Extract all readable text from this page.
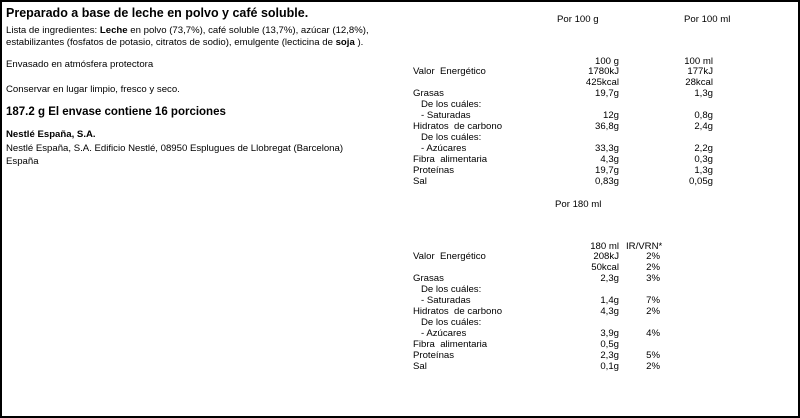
Preparado a base de leche en polvo y café soluble.
Lista de ingredientes: Leche en polvo (73,7%), café soluble (13,7%), azúcar (12,8%),
estabilizantes (fosfatos de potasio, citratos de sodio), emulgente (lecticina de soja ).
Envasado en atmósfera protectora
Conservar en lugar limpio, fresco y seco.
187.2 g El envase contiene 16 porciones
Nestlé España, S.A.
Nestlé España, S.A. Edificio Nestlé, 08950 Esplugues de Llobregat (Barcelona)
España
Por 100 g	Por 100 ml
100 g	100 ml
Valor  Energético	1780kJ	177kJ
425kcal	28kcal
Grasas	19,7g	1,3g
De los cuáles:
- Saturadas	12g	0,8g
Hidratos  de carbono	36,8g	2,4g
De los cuáles:
- Azúcares	33,3g	2,2g
Fibra  alimentaria	4,3g	0,3g
Proteínas	19,7g	1,3g
Sal	0,83g	0,05g
Por 180 ml
180 ml IR/VRN*
Valor  Energético	208kJ	2%
50kcal	2%
Grasas	2,3g	3%
De los cuáles:
- Saturadas	1,4g	7%
Hidratos  de carbono	4,3g	2%
De los cuáles:
- Azúcares	3,9g	4%
Fibra  alimentaria	0,5g
Proteínas	2,3g	5%
Sal	0,1g	2%
